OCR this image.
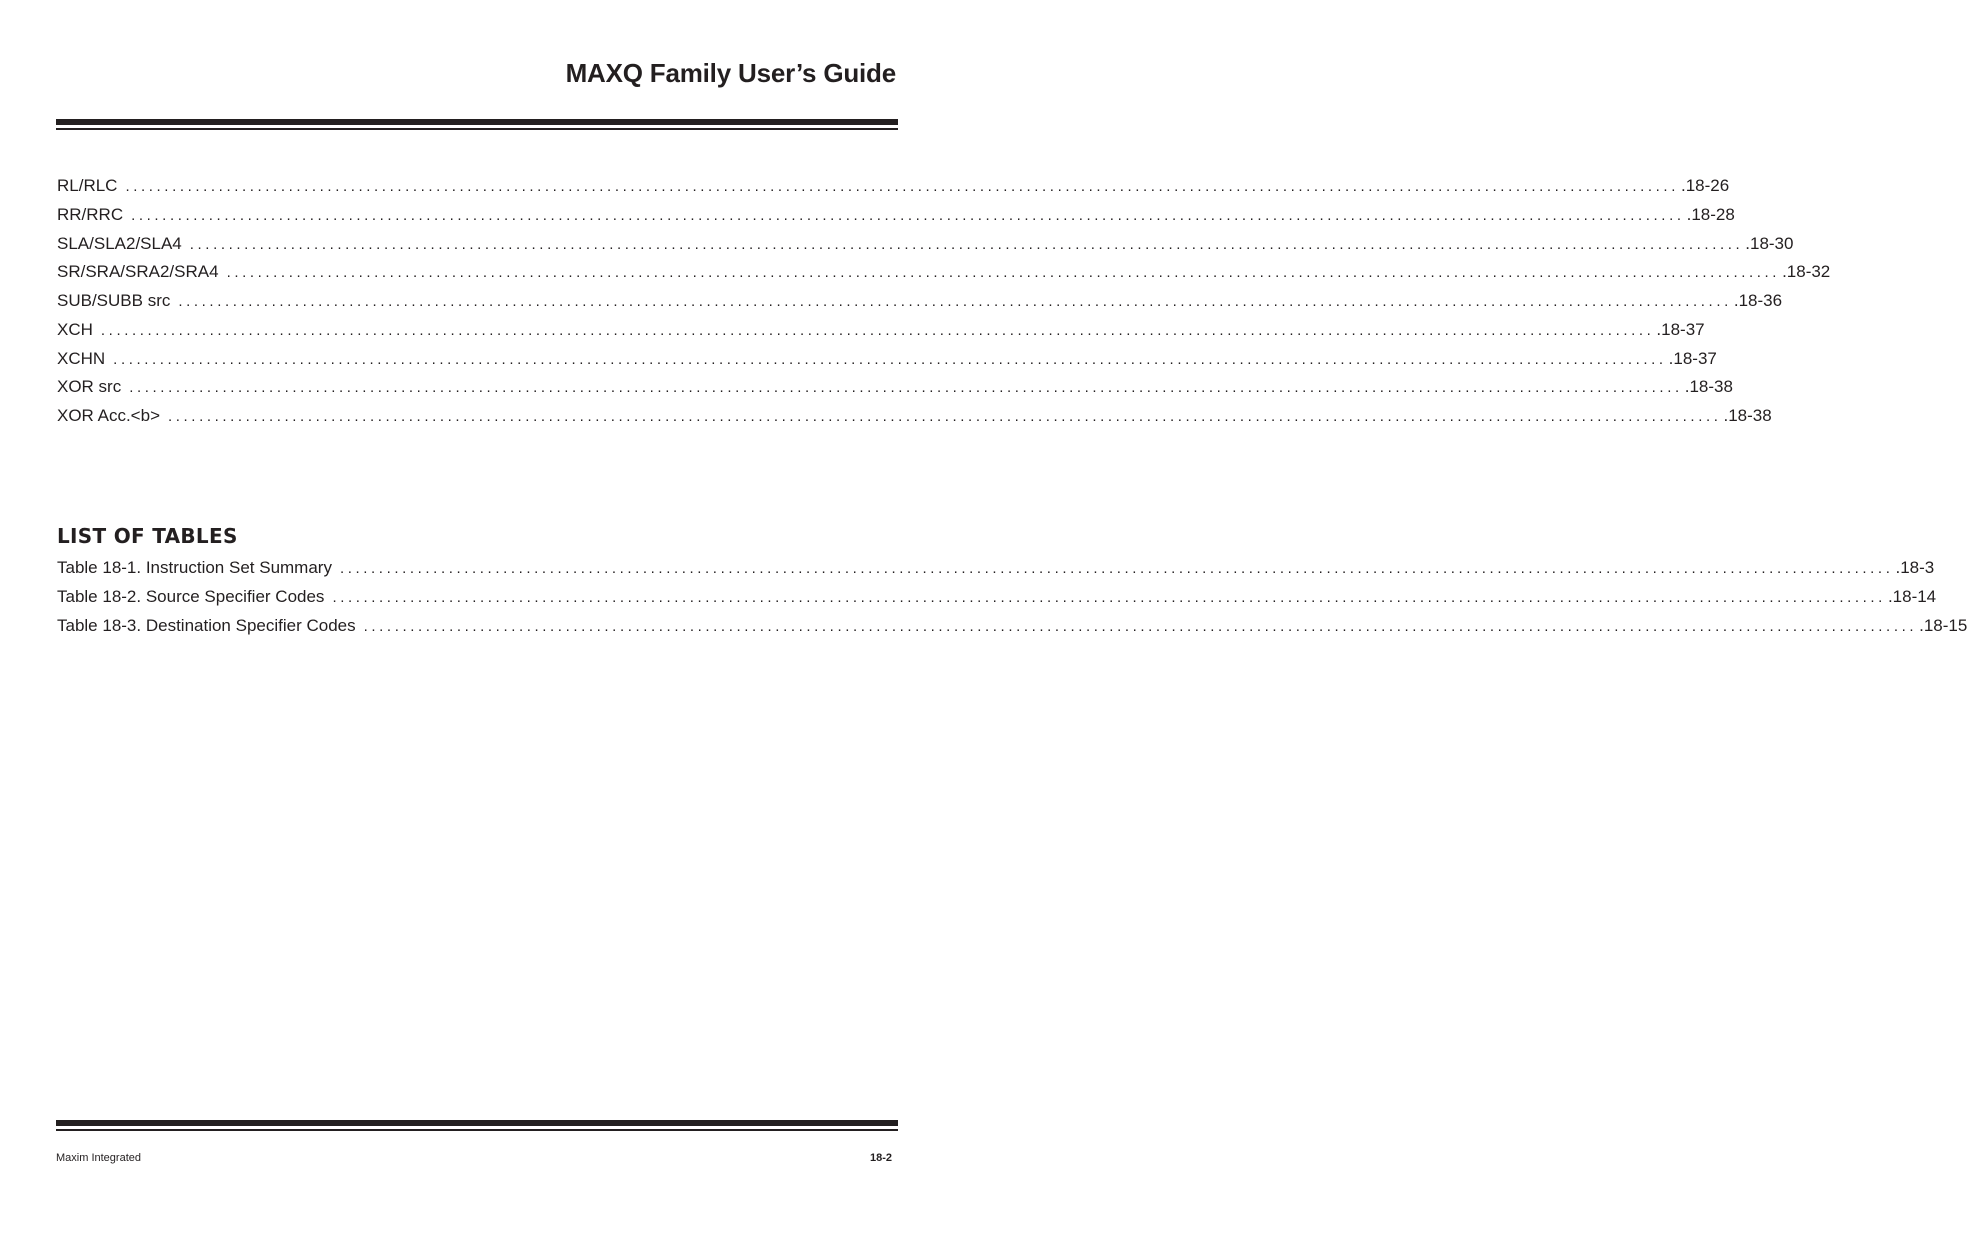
MAXQ Family User’s Guide
RL/RLC ........................................................................................................................................................................................................ .18-26
RR/RRC ........................................................................................................................................................................................................ .18-28
SLA/SLA2/SLA4 ........................................................................................................................................................................................................ .18-30
SR/SRA/SRA2/SRA4 ........................................................................................................................................................................................................ .18-32
SUB/SUBB src ........................................................................................................................................................................................................ .18-36
XCH ........................................................................................................................................................................................................ .18-37
XCHN ........................................................................................................................................................................................................ .18-37
XOR src ........................................................................................................................................................................................................ .18-38
XOR Acc.<b> ........................................................................................................................................................................................................ .18-38
LIST OF TABLES
Table 18-1. Instruction Set Summary ........................................................................................................................................................................................................ .18-3
Table 18-2. Source Specifier Codes ........................................................................................................................................................................................................ .18-14
Table 18-3. Destination Specifier Codes ........................................................................................................................................................................................................ .18-15
Maxim Integrated	18-2
